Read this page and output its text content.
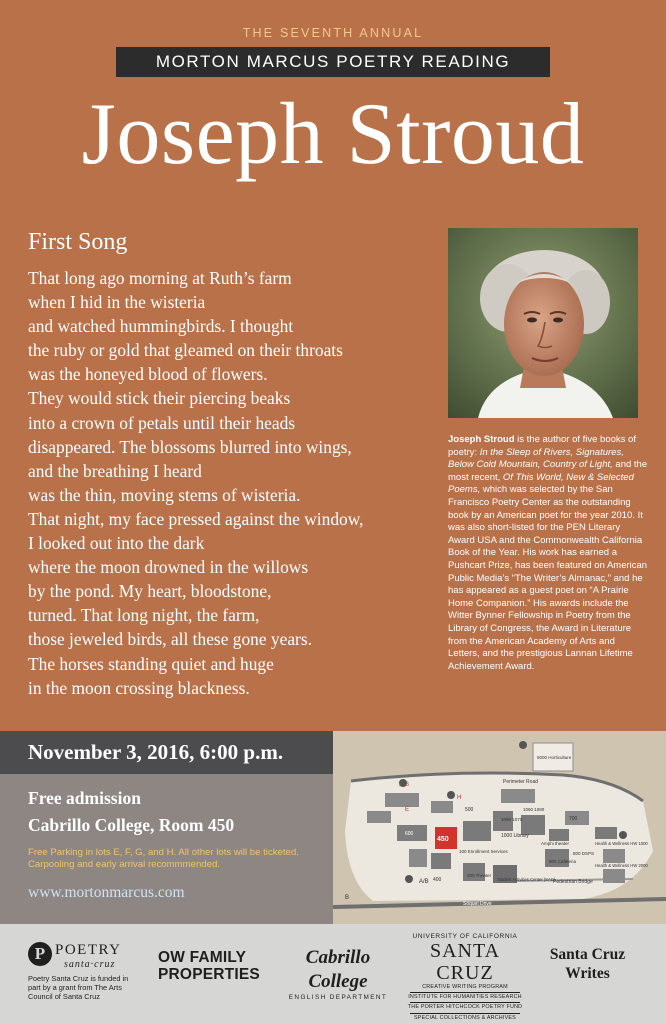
THE SEVENTH ANNUAL
MORTON MARCUS POETRY READING
Joseph Stroud
First Song
That long ago morning at Ruth’s farm
when I hid in the wisteria
and watched hummingbirds. I thought
the ruby or gold that gleamed on their throats
was the honeyed blood of flowers.
They would stick their piercing beaks
into a crown of petals until their heads
disappeared. The blossoms blurred into wings,
and the breathing I heard
was the thin, moving stems of wisteria.
That night, my face pressed against the window,
I looked out into the dark
where the moon drowned in the willows
by the pond. My heart, bloodstone,
turned. That long night, the farm,
those jeweled birds, all these gone years.
The horses standing quiet and huge
in the moon crossing blackness.
Joseph Stroud is the author of five books of poetry: In the Sleep of Rivers, Signatures, Below Cold Mountain, Country of Light, and the most recent, Of This World, New & Selected Poems, which was selected by the San Francisco Poetry Center as the outstanding book by an American poet for the year 2010. It was also short-listed for the PEN Literary Award USA and the Commonwealth California Book of the Year. His work has earned a Pushcart Prize, has been featured on American Public Media’s “The Writer’s Almanac,” and he has appeared as a guest poet on “A Prairie Home Companion.” His awards include the Witter Bynner Fellowship in Poetry from the Library of Congress, the Award in Literature from the American Academy of Arts and Letters, and the prestigious Lannan Lifetime Achievement Award.
November 3, 2016, 6:00 p.m.
Free admission
Cabrillo College, Room 450
Free Parking in lots E, F, G, and H. All other lots will be ticketed. Carpooling and early arrival recommmended.
www.mortonmarcus.com
F/G
E
H
A/B
B
450
500
600
700
1000 Library
1090 1070
1060 1080
100 Enrollment Services
400
200 Theater
Student Activities Center (SAC)
Amphi theater
800 DSPS
900 Cafeteria
5000 Horticulture
Health & Wellness HW 1000
Health & Wellness HW 2000
Perimeter Road
Soquel Drive
Pedestrian Bridge
P
POETRY
santa·cruz
Poetry Santa Cruz is funded in part by a grant from The Arts Council of Santa Cruz
OW FAMILY PROPERTIES
Cabrillo College
ENGLISH DEPARTMENT
UNIVERSITY OF CALIFORNIA
SANTA CRUZ
CREATIVE WRITING PROGRAM
INSTITUTE FOR HUMANITIES RESEARCH
THE PORTER HITCHCOCK POETRY FUND
SPECIAL COLLECTIONS & ARCHIVES
Santa Cruz
Writes
